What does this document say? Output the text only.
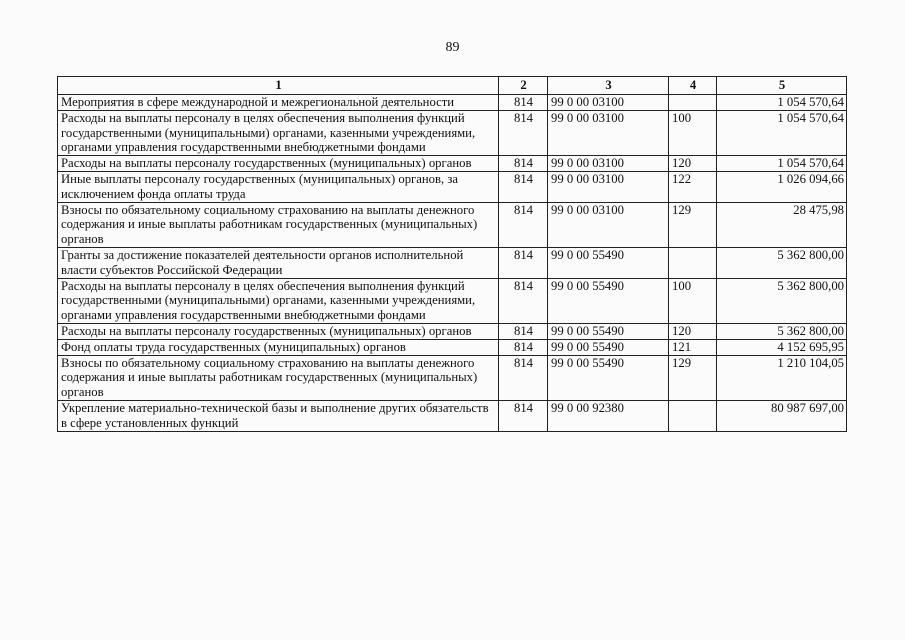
89
1	2	3	4	5
Мероприятия в сфере международной и межрегиональной деятельности	814	99 0 00 03100		1 054 570,64
Расходы на выплаты персоналу в целях обеспечения выполнения функций государственными (муниципальными) органами, казенными учреждениями, органами управления государственными внебюджетными фондами	814	99 0 00 03100	100	1 054 570,64
Расходы на выплаты персоналу государственных (муниципальных) органов	814	99 0 00 03100	120	1 054 570,64
Иные выплаты персоналу государственных (муниципальных) органов, за исключением фонда оплаты труда	814	99 0 00 03100	122	1 026 094,66
Взносы по обязательному социальному страхованию на выплаты денежного содержания и иные выплаты работникам государственных (муниципальных) органов	814	99 0 00 03100	129	28 475,98
Гранты за достижение показателей деятельности органов исполнительной власти субъектов Российской Федерации	814	99 0 00 55490		5 362 800,00
Расходы на выплаты персоналу в целях обеспечения выполнения функций государственными (муниципальными) органами, казенными учреждениями, органами управления государственными внебюджетными фондами	814	99 0 00 55490	100	5 362 800,00
Расходы на выплаты персоналу государственных (муниципальных) органов	814	99 0 00 55490	120	5 362 800,00
Фонд оплаты труда государственных (муниципальных) органов	814	99 0 00 55490	121	4 152 695,95
Взносы по обязательному социальному страхованию на выплаты денежного содержания и иные выплаты работникам государственных (муниципальных) органов	814	99 0 00 55490	129	1 210 104,05
Укрепление материально-технической базы и выполнение других обязательств в сфере установленных функций	814	99 0 00 92380		80 987 697,00
